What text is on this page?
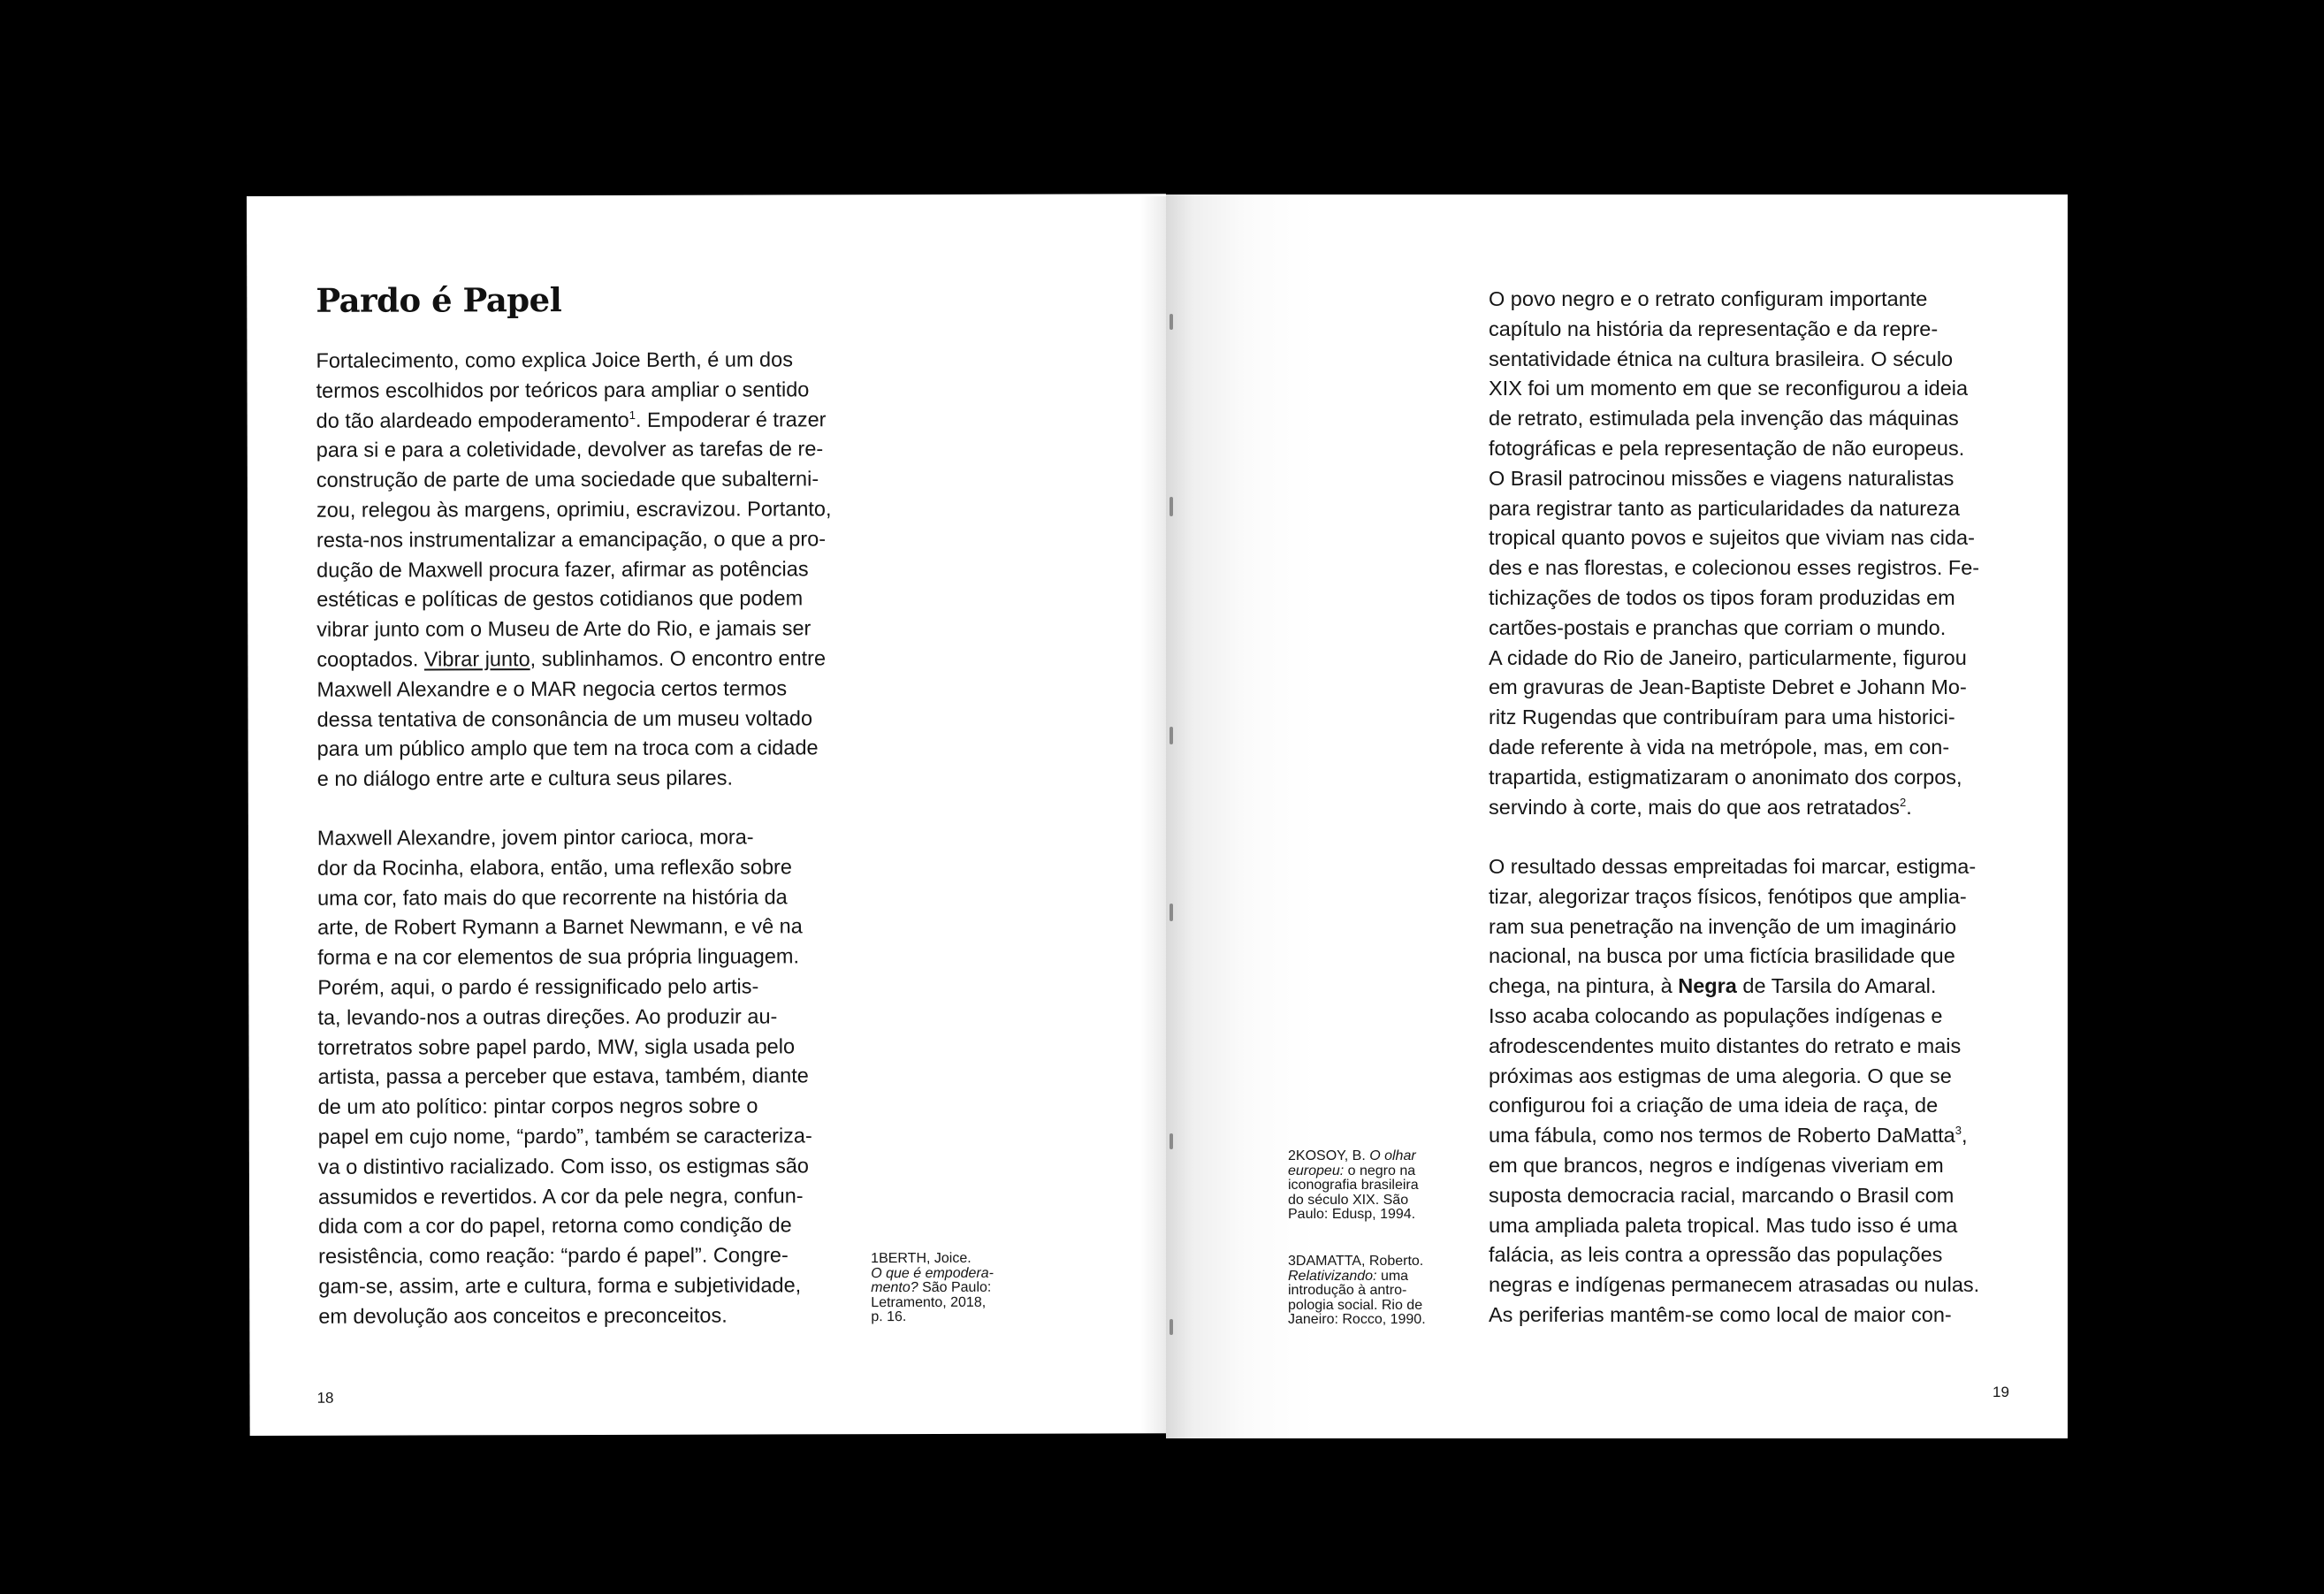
Pardo é Papel

Fortalecimento, como explica Joice Berth, é um dos
termos escolhidos por teóricos para ampliar o sentido
do tão alardeado empoderamento$^1$. Empoderar é trazer
para si e para a coletividade, devolver as tarefas de re-
construção de parte de uma sociedade que subalterni-
zou, relegou às margens, oprimiu, escravizou. Portanto,
resta-nos instrumentalizar a emancipação, o que a pro-
dução de Maxwell procura fazer, afirmar as potências
estéticas e políticas de gestos cotidianos que podem
vibrar junto com o Museu de Arte do Rio, e jamais ser
cooptados. Vibrar junto, sublinhamos. O encontro entre
Maxwell Alexandre e o MAR negocia certos termos
dessa tentativa de consonância de um museu voltado
para um público amplo que tem na troca com a cidade
e no diálogo entre arte e cultura seus pilares.

Maxwell Alexandre, jovem pintor carioca, mora-
dor da Rocinha, elabora, então, uma reflexão sobre
uma cor, fato mais do que recorrente na história da
arte, de Robert Rymann a Barnet Newmann, e vê na
forma e na cor elementos de sua própria linguagem.
Porém, aqui, o pardo é ressignificado pelo artis-
ta, levando-nos a outras direções. Ao produzir au-
torretratos sobre papel pardo, MW, sigla usada pelo
artista, passa a perceber que estava, também, diante
de um ato político: pintar corpos negros sobre o
papel em cujo nome, “pardo”, também se caracteriza-
va o distintivo racializado. Com isso, os estigmas são
assumidos e revertidos. A cor da pele negra, confun-
dida com a cor do papel, retorna como condição de
resistência, como reação: “pardo é papel”. Congre-
gam-se, assim, arte e cultura, forma e subjetividade,
em devolução aos conceitos e preconceitos.

1BERTH, Joice.
O que é empodera-
mento? São Paulo:
Letramento, 2018,
p. 16.

18

O povo negro e o retrato configuram importante
capítulo na história da representação e da repre-
sentatividade étnica na cultura brasileira. O século
XIX foi um momento em que se reconfigurou a ideia
de retrato, estimulada pela invenção das máquinas
fotográficas e pela representação de não europeus.
O Brasil patrocinou missões e viagens naturalistas
para registrar tanto as particularidades da natureza
tropical quanto povos e sujeitos que viviam nas cida-
des e nas florestas, e colecionou esses registros. Fe-
tichizações de todos os tipos foram produzidas em
cartões-postais e pranchas que corriam o mundo.
A cidade do Rio de Janeiro, particularmente, figurou
em gravuras de Jean-Baptiste Debret e Johann Mo-
ritz Rugendas que contribuíram para uma historici-
dade referente à vida na metrópole, mas, em con-
trapartida, estigmatizaram o anonimato dos corpos,
servindo à corte, mais do que aos retratados$^2$.

O resultado dessas empreitadas foi marcar, estigma-
tizar, alegorizar traços físicos, fenótipos que amplia-
ram sua penetração na invenção de um imaginário
nacional, na busca por uma fictícia brasilidade que
chega, na pintura, à Negra de Tarsila do Amaral.
Isso acaba colocando as populações indígenas e
afrodescendentes muito distantes do retrato e mais
próximas aos estigmas de uma alegoria. O que se
configurou foi a criação de uma ideia de raça, de
uma fábula, como nos termos de Roberto DaMatta$^3$,
em que brancos, negros e indígenas viveriam em
suposta democracia racial, marcando o Brasil com
uma ampliada paleta tropical. Mas tudo isso é uma
falácia, as leis contra a opressão das populações
negras e indígenas permanecem atrasadas ou nulas.
As periferias mantêm-se como local de maior con-

2KOSOY, B. O olhar
europeu: o negro na
iconografia brasileira
do século XIX. São
Paulo: Edusp, 1994.

3DAMATTA, Roberto.
Relativizando: uma
introdução à antro-
pologia social. Rio de
Janeiro: Rocco, 1990.

19
